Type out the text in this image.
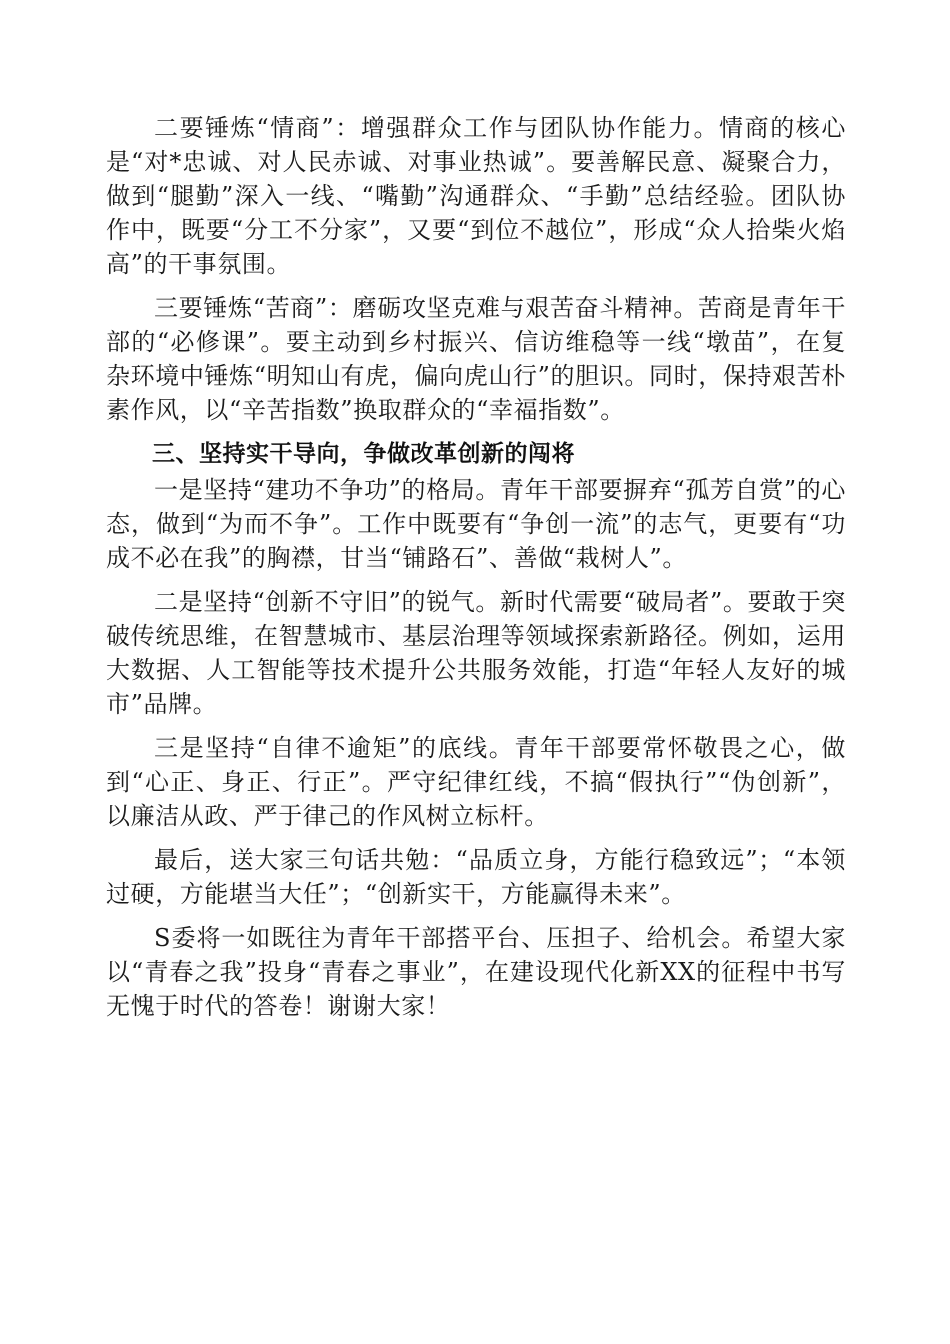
二要锤炼“情商”：增强群众工作与团队协作能力。情商的核心是“对*忠诚、对人民赤诚、对事业热诚”。要善解民意、凝聚合力，做到“腿勤”深入一线、“嘴勤”沟通群众、“手勤”总结经验。团队协作中，既要“分工不分家”，又要“到位不越位”，形成“众人拾柴火焰高”的干事氛围。

三要锤炼“苦商”：磨砺攻坚克难与艰苦奋斗精神。苦商是青年干部的“必修课”。要主动到乡村振兴、信访维稳等一线“墩苗”，在复杂环境中锤炼“明知山有虎，偏向虎山行”的胆识。同时，保持艰苦朴素作风，以“辛苦指数”换取群众的“幸福指数”。

三、坚持实干导向，争做改革创新的闯将

一是坚持“建功不争功”的格局。青年干部要摒弃“孤芳自赏”的心态，做到“为而不争”。工作中既要有“争创一流”的志气，更要有“功成不必在我”的胸襟，甘当“铺路石”、善做“栽树人”。

二是坚持“创新不守旧”的锐气。新时代需要“破局者”。要敢于突破传统思维，在智慧城市、基层治理等领域探索新路径。例如，运用大数据、人工智能等技术提升公共服务效能，打造“年轻人友好的城市”品牌。

三是坚持“自律不逾矩”的底线。青年干部要常怀敬畏之心，做到“心正、身正、行正”。严守纪律红线，不搞“假执行”“伪创新”，以廉洁从政、严于律己的作风树立标杆。

最后，送大家三句话共勉：“品质立身，方能行稳致远”；“本领过硬，方能堪当大任”；“创新实干，方能赢得未来”。

S委将一如既往为青年干部搭平台、压担子、给机会。希望大家以“青春之我”投身“青春之事业”，在建设现代化新XX的征程中书写无愧于时代的答卷！谢谢大家！
